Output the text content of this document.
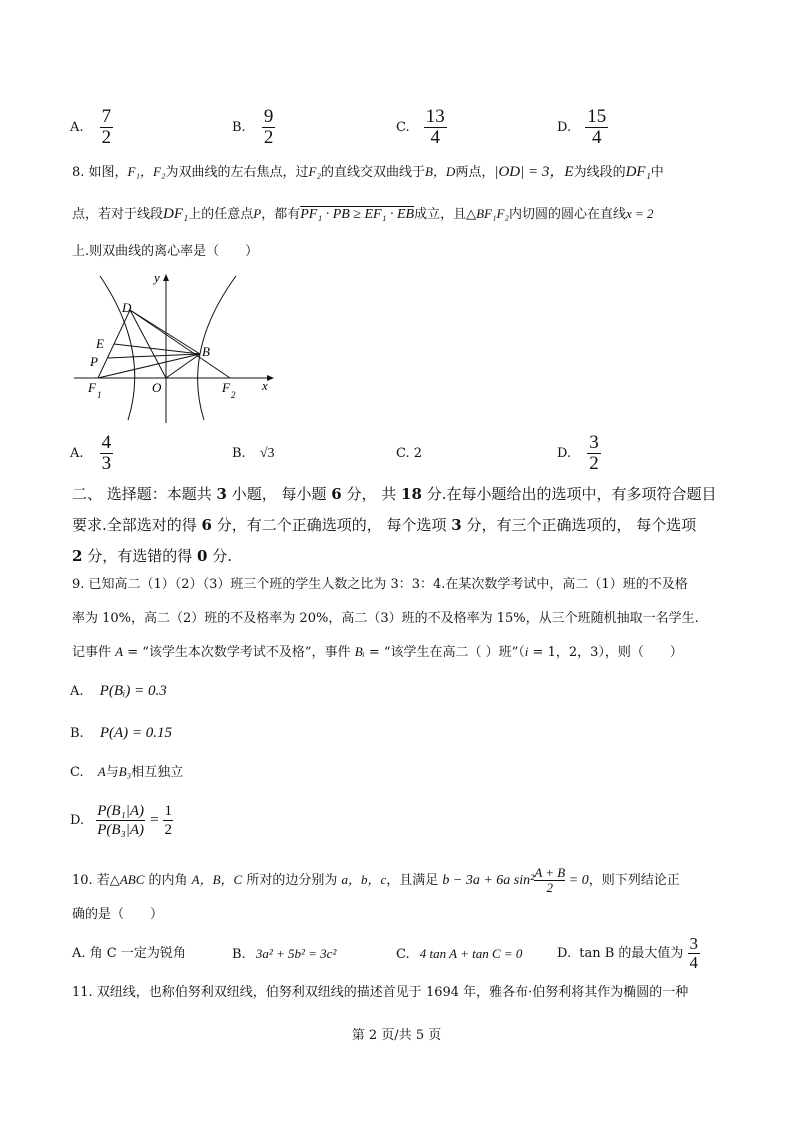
A. $\frac{7}{2}$	B. $\frac{9}{2}$	C. $\frac{13}{4}$	D. $\frac{15}{4}$
8. 如图，F₁，F₂为双曲线的左右焦点，过F₂的直线交双曲线于B，D两点，|OD| = 3，E为线段的DF₁中
点，若对于线段DF₁上的任意点P，都有PF₁ · PB ≥ EF₁ · EB成立，且△BF₁F₂内切圆的圆心在直线x = 2
上.则双曲线的离心率是（　　）
y
x
D
E
P
B
O
F 1	F 2
A. $\frac{4}{3}$	B. √3	C. 2	D. $\frac{3}{2}$
二、 选择题：本题共 3 小题， 每小题 6 分， 共 18 分.在每小题给出的选项中，有多项符合题目
要求.全部选对的得 6 分，有二个正确选项的， 每个选项 3 分，有三个正确选项的， 每个选项
2 分，有选错的得 0 分.
9. 已知高二（1）（2）（3）班三个班的学生人数之比为 3：3：4.在某次数学考试中，高二（1）班的不及格
率为 10%，高二（2）班的不及格率为 20%，高二（3）班的不及格率为 15%，从三个班随机抽取一名学生.
记事件 A = “该学生本次数学考试不及格”，事件 Bᵢ = “该学生在高二（ ）班”（i = 1，2，3），则（　　）
A. P(Bᵢ) = 0.3
B. P(A) = 0.15
C. A与B₃相互独立
D. $\frac{\text{P(B₁|A)}}{\text{P(B₃|A)}} = \frac{1}{2}$
10. 若△ABC 的内角 A，B，C 所对的边分别为 a，b，c，且满足 b − 3a + 6a $\sin^2 \frac{A + B}{2} = 0$，则下列结论正
确的是（　　）
A. 角 C 一定为锐角	B. 3a² + 5b² = 3c²	C. 4 tan A + tan C = 0	D. tan B 的最大值为 $\frac{3}{4}$
11. 双纽线，也称伯努利双纽线，伯努利双纽线的描述首见于 1694 年，雅各布·伯努利将其作为椭圆的一种
第 2 页/共 5 页
